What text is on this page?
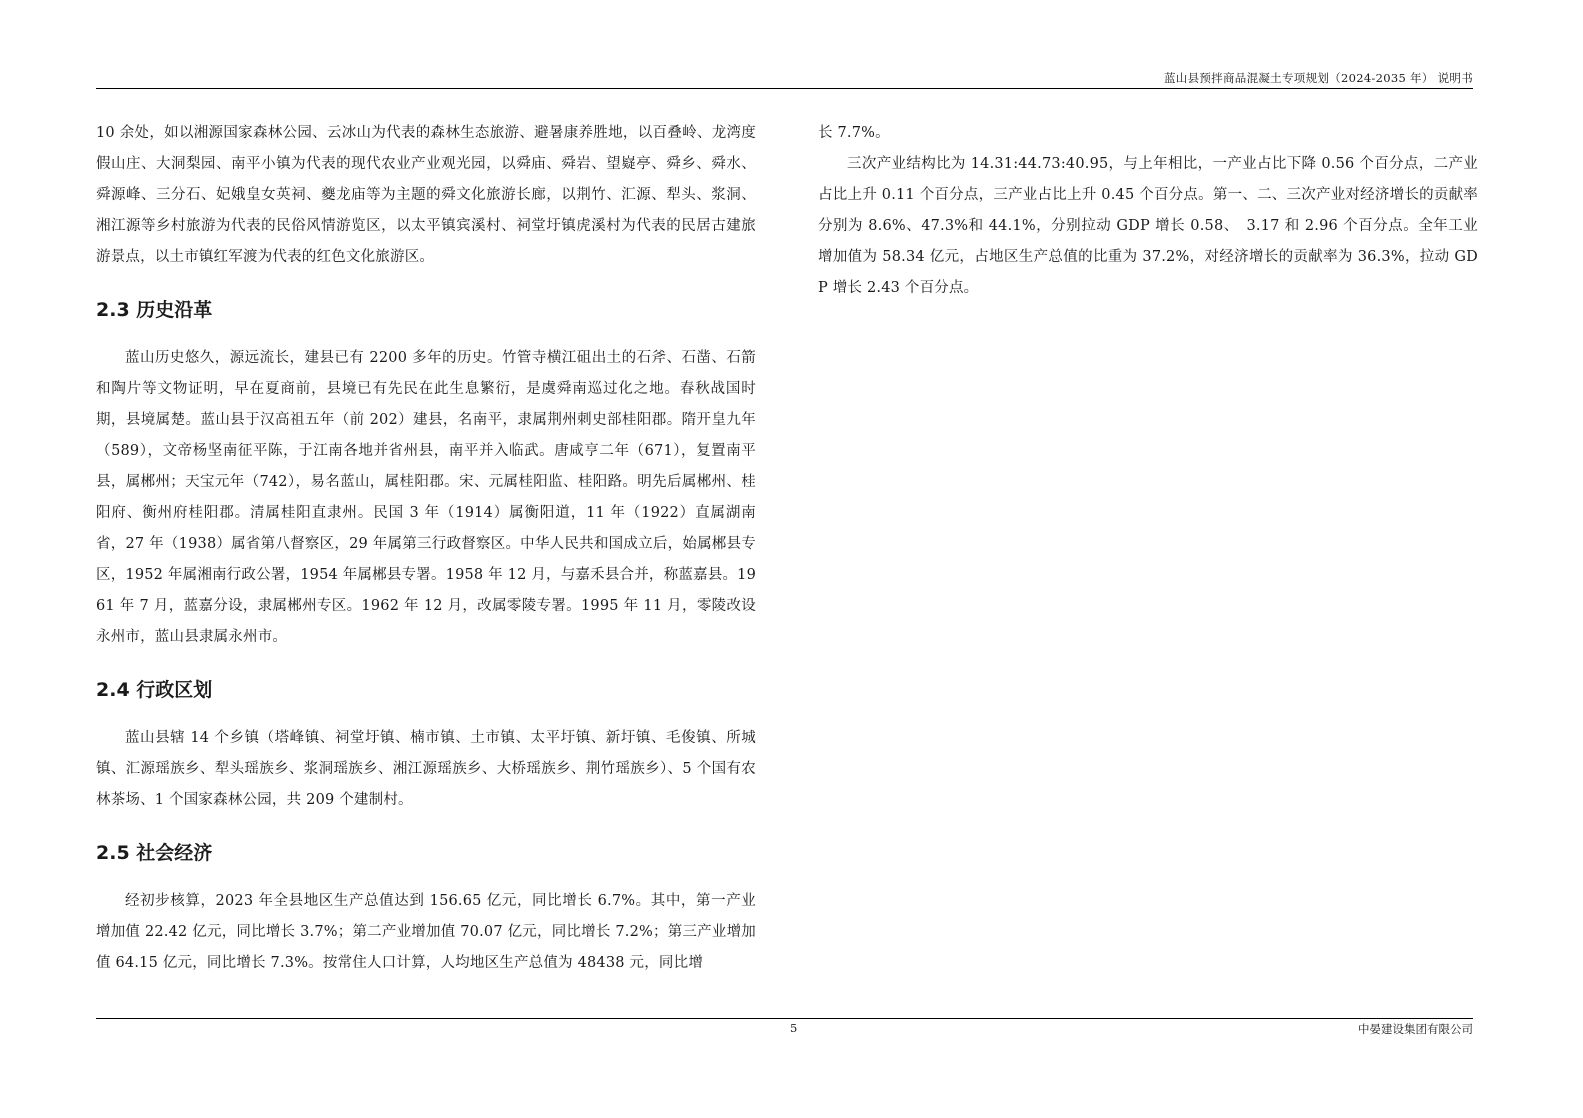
蓝山县预拌商品混凝土专项规划（2024-2035 年） 说明书

10 余处，如以湘源国家森林公园、云冰山为代表的森林生态旅游、避暑康养胜地，以百叠岭、龙湾度假山庄、大洞梨园、南平小镇为代表的现代农业产业观光园，以舜庙、舜岩、望嶷亭、舜乡、舜水、舜源峰、三分石、妃娥皇女英祠、夔龙庙等为主题的舜文化旅游长廊，以荆竹、汇源、犁头、浆洞、湘江源等乡村旅游为代表的民俗风情游览区，以太平镇宾溪村、祠堂圩镇虎溪村为代表的民居古建旅游景点，以土市镇红军渡为代表的红色文化旅游区。

2.3 历史沿革

蓝山历史悠久，源远流长，建县已有 2200 多年的历史。竹管寺横江砠出土的石斧、石凿、石箭和陶片等文物证明，早在夏商前，县境已有先民在此生息繁衍，是虞舜南巡过化之地。春秋战国时期，县境属楚。蓝山县于汉高祖五年（前 202）建县，名南平，隶属荆州刺史部桂阳郡。隋开皇九年（589），文帝杨坚南征平陈，于江南各地并省州县，南平并入临武。唐咸亨二年（671），复置南平县，属郴州；天宝元年（742），易名蓝山，属桂阳郡。宋、元属桂阳监、桂阳路。明先后属郴州、桂阳府、衡州府桂阳郡。清属桂阳直隶州。民国 3 年（1914）属衡阳道，11 年（1922）直属湖南省，27 年（1938）属省第八督察区，29 年属第三行政督察区。中华人民共和国成立后，始属郴县专区，1952 年属湘南行政公署，1954 年属郴县专署。1958 年 12 月，与嘉禾县合并，称蓝嘉县。1961 年 7 月，蓝嘉分设，隶属郴州专区。1962 年 12 月，改属零陵专署。1995 年 11 月，零陵改设永州市，蓝山县隶属永州市。

2.4 行政区划

蓝山县辖 14 个乡镇（塔峰镇、祠堂圩镇、楠市镇、土市镇、太平圩镇、新圩镇、毛俊镇、所城镇、汇源瑶族乡、犁头瑶族乡、浆洞瑶族乡、湘江源瑶族乡、大桥瑶族乡、荆竹瑶族乡）、5 个国有农林茶场、1 个国家森林公园，共 209 个建制村。

2.5 社会经济

经初步核算，2023 年全县地区生产总值达到 156.65 亿元，同比增长 6.7%。其中，第一产业增加值 22.42 亿元，同比增长 3.7%；第二产业增加值 70.07 亿元，同比增长 7.2%；第三产业增加值 64.15 亿元，同比增长 7.3%。按常住人口计算，人均地区生产总值为 48438 元，同比增

长 7.7%。

三次产业结构比为 14.31:44.73:40.95，与上年相比，一产业占比下降 0.56 个百分点，二产业占比上升 0.11 个百分点，三产业占比上升 0.45 个百分点。第一、二、三次产业对经济增长的贡献率分别为 8.6%、47.3%和 44.1%，分别拉动 GDP 增长 0.58、　3.17 和 2.96 个百分点。全年工业增加值为 58.34 亿元，占地区生产总值的比重为 37.2%，对经济增长的贡献率为 36.3%，拉动 GDP 增长 2.43 个百分点。

5	中晏建设集团有限公司
